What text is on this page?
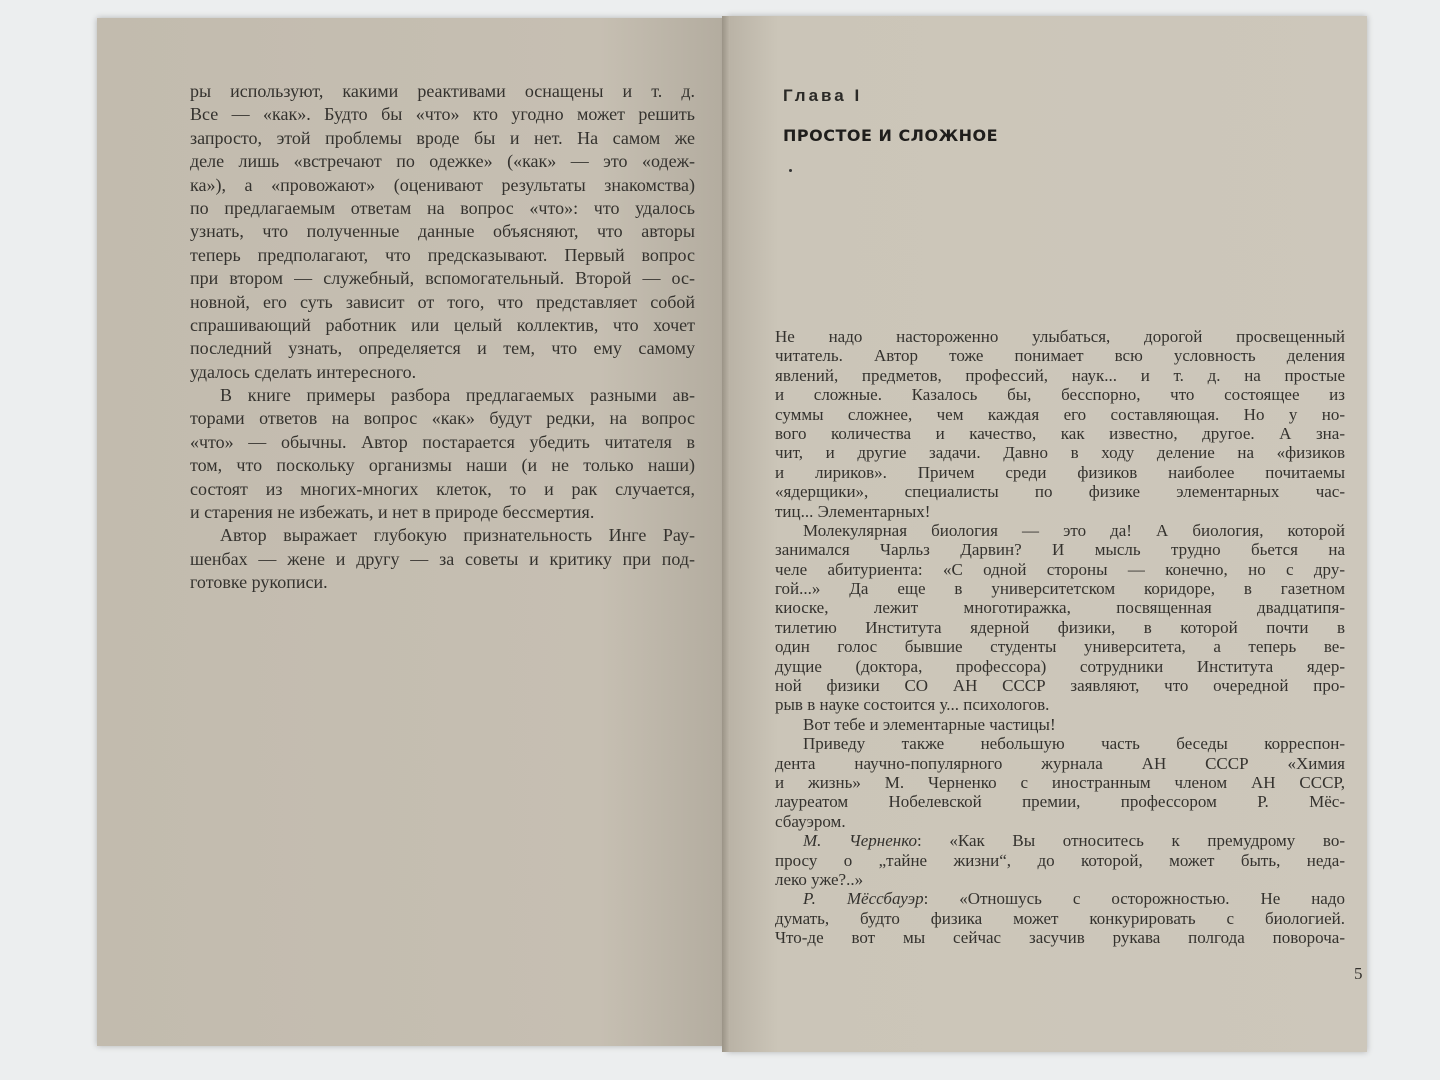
ры используют, какими реактивами оснащены и т. д.
Все — «как». Будто бы «что» кто угодно может решить
запросто, этой проблемы вроде бы и нет. На самом же
деле лишь «встречают по одежке» («как» — это «одеж-
ка»), а «провожают» (оценивают результаты знакомства)
по предлагаемым ответам на вопрос «что»: что удалось
узнать, что полученные данные объясняют, что авторы
теперь предполагают, что предсказывают. Первый вопрос
при втором — служебный, вспомогательный. Второй — ос-
новной, его суть зависит от того, что представляет собой
спрашивающий работник или целый коллектив, что хочет
последний узнать, определяется и тем, что ему самому
удалось сделать интересного.
В книге примеры разбора предлагаемых разными ав-
торами ответов на вопрос «как» будут редки, на вопрос
«что» — обычны. Автор постарается убедить читателя в
том, что поскольку организмы наши (и не только наши)
состоят из многих-многих клеток, то и рак случается,
и старения не избежать, и нет в природе бессмертия.
Автор выражает глубокую признательность Инге Рау-
шенбах — жене и другу — за советы и критику при под-
готовке рукописи.
Глава I
ПРОСТОЕ И СЛОЖНОЕ
Не надо настороженно улыбаться, дорогой просвещенный
читатель. Автор тоже понимает всю условность деления
явлений, предметов, профессий, наук... и т. д. на простые
и сложные. Казалось бы, бесспорно, что состоящее из
суммы сложнее, чем каждая его составляющая. Но у но-
вого количества и качество, как известно, другое. А зна-
чит, и другие задачи. Давно в ходу деление на «физиков
и лириков». Причем среди физиков наиболее почитаемы
«ядерщики», специалисты по физике элементарных час-
тиц... Элементарных!
Молекулярная биология — это да! А биология, которой
занимался Чарльз Дарвин? И мысль трудно бьется на
челе абитуриента: «С одной стороны — конечно, но с дру-
гой...» Да еще в университетском коридоре, в газетном
киоске, лежит многотиражка, посвященная двадцатипя-
тилетию Института ядерной физики, в которой почти в
один голос бывшие студенты университета, а теперь ве-
дущие (доктора, профессора) сотрудники Института ядер-
ной физики СО АН СССР заявляют, что очередной про-
рыв в науке состоится у... психологов.
Вот тебе и элементарные частицы!
Приведу также небольшую часть беседы корреспон-
дента научно-популярного журнала АН СССР «Химия
и жизнь» М. Черненко с иностранным членом АН СССР,
лауреатом Нобелевской премии, профессором Р. Мёс-
сбауэром.
М. Черненко: «Как Вы относитесь к премудрому во-
просу о „тайне жизни“, до которой, может быть, неда-
леко уже?..»
Р. Мёссбауэр: «Отношусь с осторожностью. Не надо
думать, будто физика может конкурировать с биологией.
Что-де вот мы сейчас засучив рукава полгода повороча-
5
